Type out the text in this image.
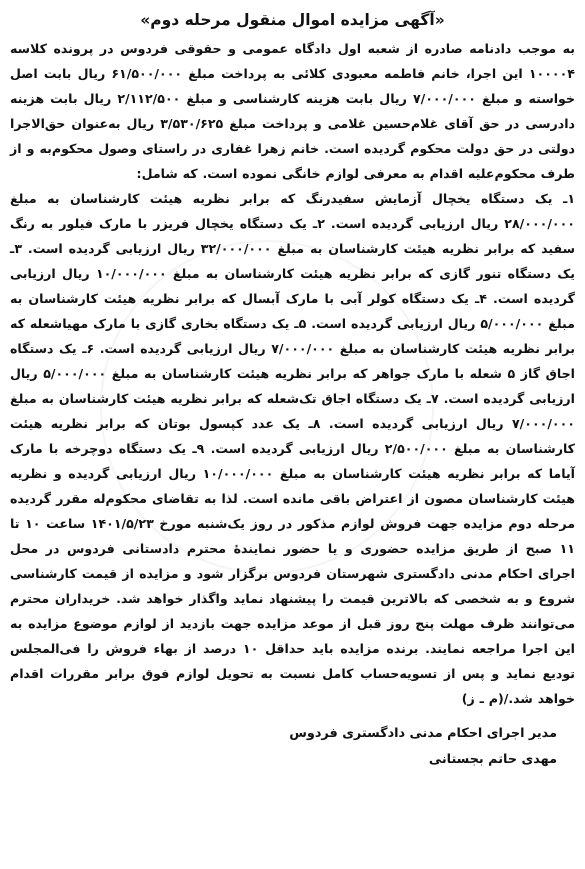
«آگهی مزایده اموال منقول مرحله دوم»

به موجب دادنامه صادره از شعبه اول دادگاه عمومی و حقوقی فردوس در پرونده کلاسه ۱۰۰۰۰۴ این اجرا، خانم فاطمه معبودی کلائی به پرداخت مبلغ ۶۱/۵۰۰/۰۰۰ ریال بابت اصل خواسته و مبلغ ۷/۰۰۰/۰۰۰ ریال بابت هزینه کارشناسی و مبلغ ۲/۱۱۲/۵۰۰ ریال بابت هزینه دادرسی در حق آقای غلام‌حسین غلامی و پرداخت مبلغ ۳/۵۳۰/۶۲۵ ریال به‌عنوان حق‌الاجرا دولتی در حق دولت محکوم گردیده است. خانم زهرا غفاری در راستای وصول محکوم‌به و از طرف محکوم‌علیه اقدام به معرفی لوازم خانگی نموده است. که شامل:
۱ـ یک دستگاه یخچال آزمایش سفیدرنگ که برابر نظریه هیئت کارشناسان به مبلغ ۲۸/۰۰۰/۰۰۰ ریال ارزیابی گردیده است. ۲ـ یک دستگاه یخچال فریزر با مارک فیلور به رنگ سفید که برابر نظریه هیئت کارشناسان به مبلغ ۳۲/۰۰۰/۰۰۰ ریال ارزیابی گردیده است. ۳ـ یک دستگاه تنور گازی که برابر نظریه هیئت کارشناسان به مبلغ ۱۰/۰۰۰/۰۰۰ ریال ارزیابی گردیده است. ۴ـ یک دستگاه کولر آبی با مارک آبسال که برابر نظریه هیئت کارشناسان به مبلغ ۵/۰۰۰/۰۰۰ ریال ارزیابی گردیده است. ۵ـ یک دستگاه بخاری گازی با مارک مهیاشعله که برابر نظریه هیئت کارشناسان به مبلغ ۷/۰۰۰/۰۰۰ ریال ارزیابی گردیده است. ۶ـ یک دستگاه اجاق گاز ۵ شعله با مارک جواهر که برابر نظریه هیئت کارشناسان به مبلغ ۵/۰۰۰/۰۰۰ ریال ارزیابی گردیده است. ۷ـ یک دستگاه اجاق تک‌شعله که برابر نظریه هیئت کارشناسان به مبلغ ۷/۰۰۰/۰۰۰ ریال ارزیابی گردیده است. ۸ـ یک عدد کپسول بوتان که برابر نظریه هیئت کارشناسان به مبلغ ۲/۵۰۰/۰۰۰ ریال ارزیابی گردیده است. ۹ـ یک دستگاه دوچرخه با مارک آیاما که برابر نظریه هیئت کارشناسان به مبلغ ۱۰/۰۰۰/۰۰۰ ریال ارزیابی گردیده و نظریه هیئت کارشناسان مصون از اعتراض باقی مانده است. لذا به تقاضای محکوم‌له مقرر گردیده مرحله دوم مزایده جهت فروش لوازم مذکور در روز یک‌شنبه مورخ ۱۴۰۱/۵/۲۳ ساعت ۱۰ تا ۱۱ صبح از طریق مزایده حضوری و یا حضور نمایندهٔ محترم دادستانی فردوس در محل اجرای احکام مدنی دادگستری شهرستان فردوس برگزار شود و مزایده از قیمت کارشناسی شروع و به شخصی که بالاترین قیمت را پیشنهاد نماید واگذار خواهد شد. خریداران محترم می‌توانند ظرف مهلت پنج روز قبل از موعد مزایده جهت بازدید از لوازم موضوع مزایده به این اجرا مراجعه نمایند. برنده مزایده باید حداقل ۱۰ درصد از بهاء فروش را فی‌المجلس تودیع نماید و پس از تسویه‌حساب کامل نسبت به تحویل لوازم فوق برابر مقررات اقدام خواهد شد./(م ـ ز)

مدیر اجرای احکام مدنی دادگستری فردوس
مهدی حاتم بجستانی
